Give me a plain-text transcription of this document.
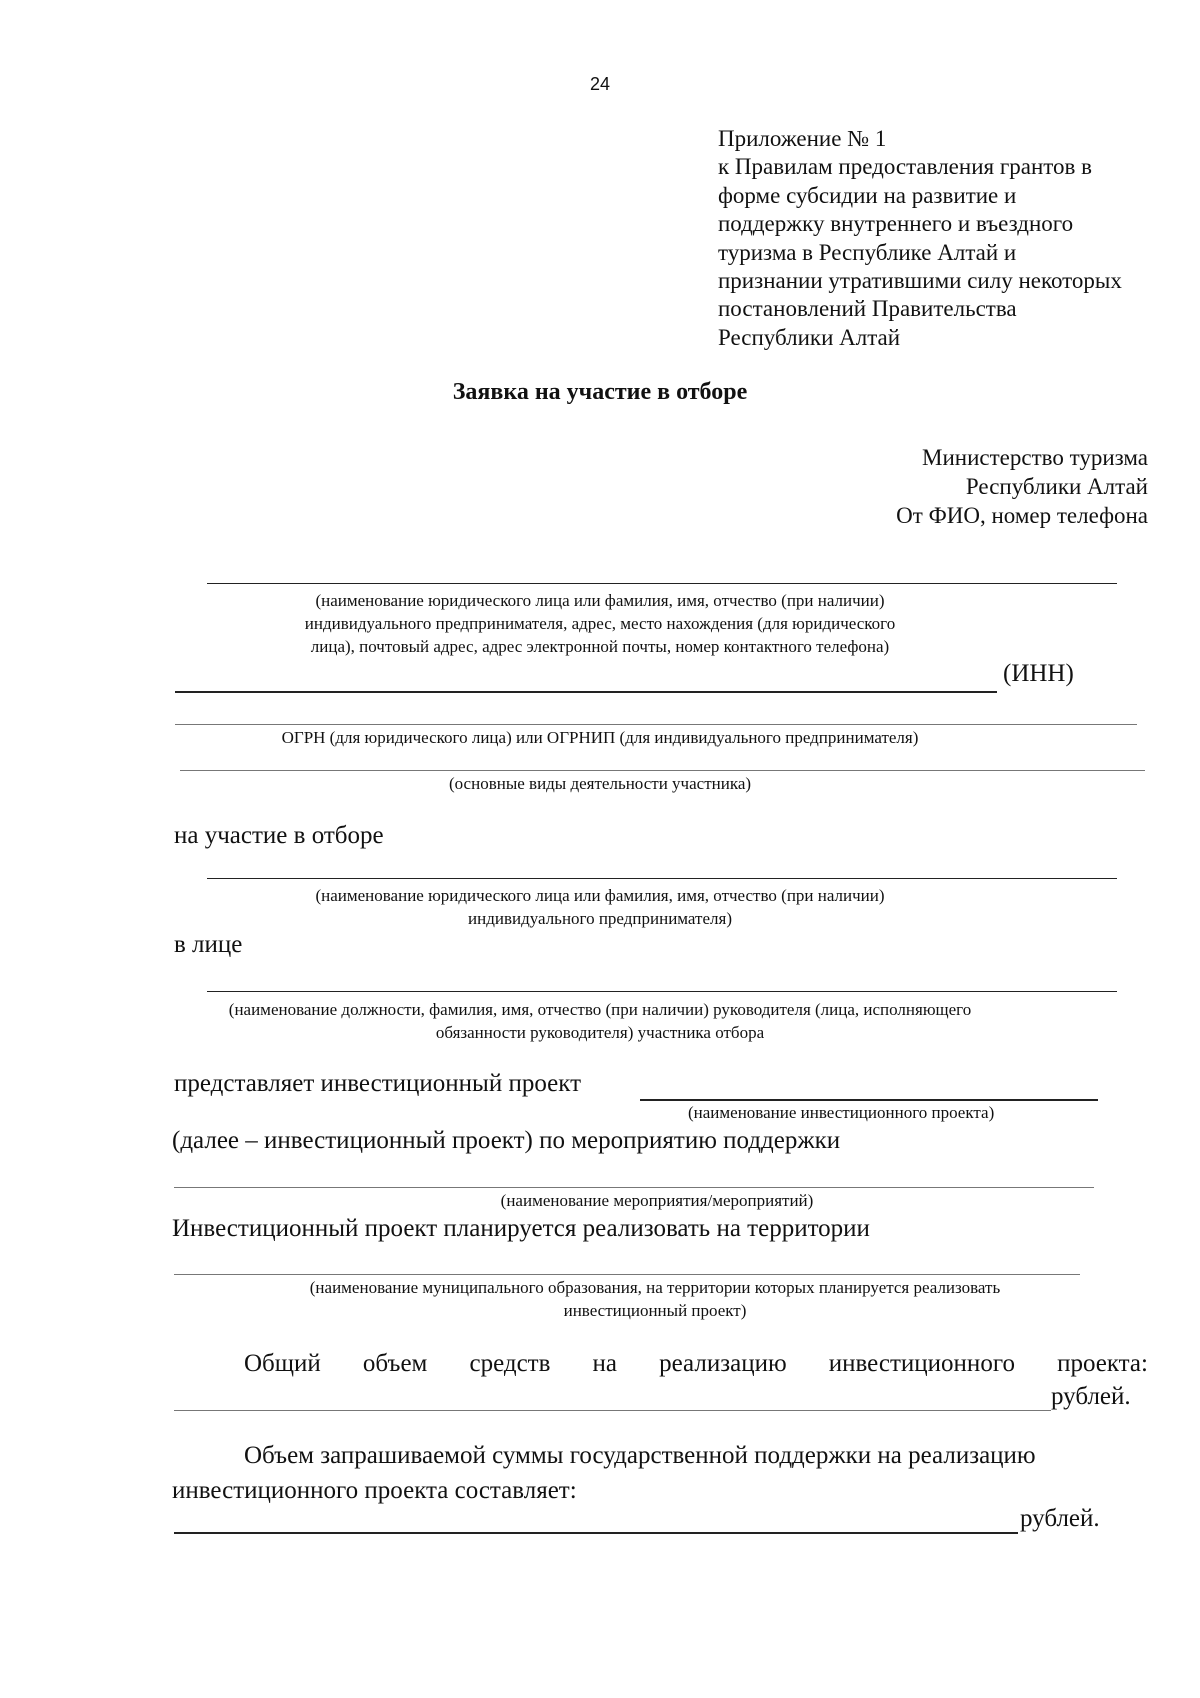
24
Приложение № 1
к Правилам предоставления грантов в
форме субсидии на развитие и
поддержку внутреннего и въездного
туризма в Республике Алтай и
признании утратившими силу некоторых
постановлений Правительства
Республики Алтай
Заявка на участие в отборе
Министерство туризма
Республики Алтай
От ФИО, номер телефона
(наименование юридического лица или фамилия, имя, отчество (при наличии)
индивидуального предпринимателя, адрес, место нахождения (для юридического
лица), почтовый адрес, адрес электронной почты, номер контактного телефона)
(ИНН)
ОГРН (для юридического лица) или ОГРНИП (для индивидуального предпринимателя)
(основные виды деятельности участника)
на участие в отборе
(наименование юридического лица или фамилия, имя, отчество (при наличии)
индивидуального предпринимателя)
в лице
(наименование должности, фамилия, имя, отчество (при наличии) руководителя (лица, исполняющего
обязанности руководителя) участника отбора
представляет инвестиционный проект
(наименование инвестиционного проекта)
(далее – инвестиционный проект) по мероприятию поддержки
(наименование мероприятия/мероприятий)
Инвестиционный проект планируется реализовать на территории
(наименование муниципального образования, на территории которых планируется реализовать
инвестиционный проект)
Общий объем средств на реализацию инвестиционного проекта:
рублей.
Объем запрашиваемой суммы государственной поддержки на реализацию
инвестиционного проекта составляет:
рублей.
